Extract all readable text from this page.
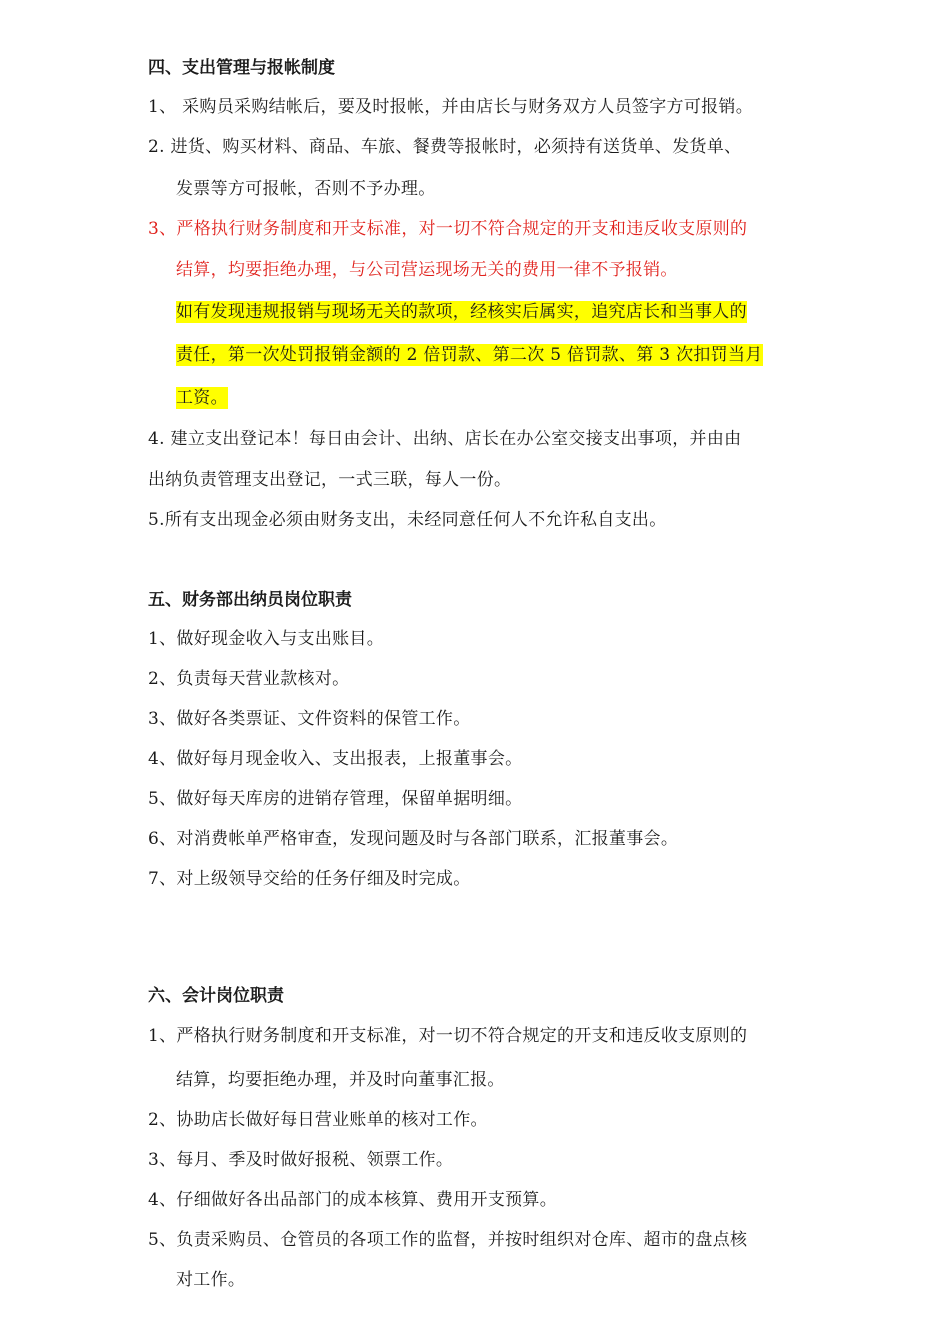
四、支出管理与报帐制度
1、 采购员采购结帐后，要及时报帐，并由店长与财务双方人员签字方可报销。
2. 进货、购买材料、商品、车旅、餐费等报帐时，必须持有送货单、发货单、
发票等方可报帐，否则不予办理。
3、严格执行财务制度和开支标准，对一切不符合规定的开支和违反收支原则的
结算，均要拒绝办理，与公司营运现场无关的费用一律不予报销。
如有发现违规报销与现场无关的款项，经核实后属实，追究店长和当事人的
责任，第一次处罚报销金额的 2 倍罚款、第二次 5 倍罚款、第 3 次扣罚当月
工资。
4. 建立支出登记本！每日由会计、出纳、店长在办公室交接支出事项，并由由
出纳负责管理支出登记，一式三联，每人一份。
5.所有支出现金必须由财务支出，未经同意任何人不允许私自支出。
五、财务部出纳员岗位职责
1、做好现金收入与支出账目。
2、负责每天营业款核对。
3、做好各类票证、文件资料的保管工作。
4、做好每月现金收入、支出报表，上报董事会。
5、做好每天库房的进销存管理，保留单据明细。
6、对消费帐单严格审查，发现问题及时与各部门联系，汇报董事会。
7、对上级领导交给的任务仔细及时完成。
六、会计岗位职责
1、严格执行财务制度和开支标准，对一切不符合规定的开支和违反收支原则的
结算，均要拒绝办理，并及时向董事汇报。
2、协助店长做好每日营业账单的核对工作。
3、每月、季及时做好报税、领票工作。
4、仔细做好各出品部门的成本核算、费用开支预算。
5、负责采购员、仓管员的各项工作的监督，并按时组织对仓库、超市的盘点核
对工作。
